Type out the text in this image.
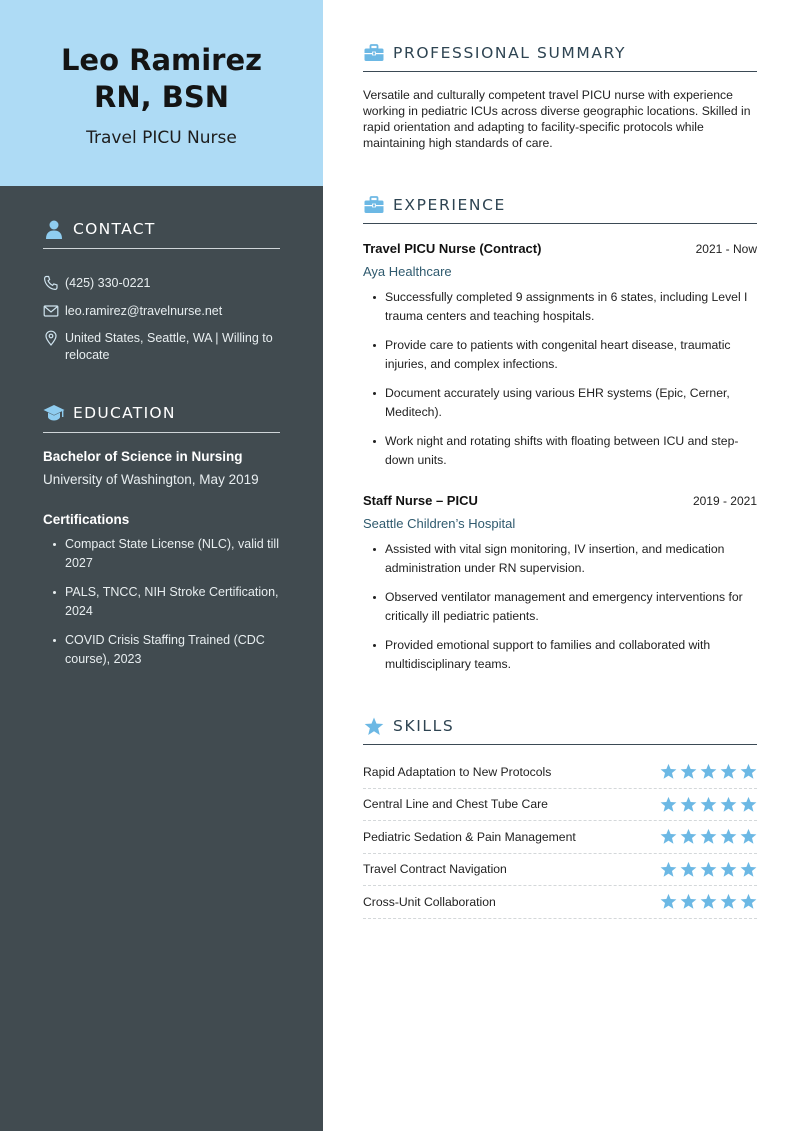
Leo Ramirez
RN, BSN
Travel PICU Nurse
CONTACT
(425) 330-0221
leo.ramirez@travelnurse.net
United States, Seattle, WA | Willing to relocate
EDUCATION
Bachelor of Science in Nursing
University of Washington, May 2019
Certifications
Compact State License (NLC), valid till 2027
PALS, TNCC, NIH Stroke Certification, 2024
COVID Crisis Staffing Trained (CDC course), 2023
PROFESSIONAL SUMMARY
Versatile and culturally competent travel PICU nurse with experience working in pediatric ICUs across diverse geographic locations. Skilled in rapid orientation and adapting to facility-specific protocols while maintaining high standards of care.
EXPERIENCE
Travel PICU Nurse (Contract)	2021 - Now
Aya Healthcare
Successfully completed 9 assignments in 6 states, including Level I trauma centers and teaching hospitals.
Provide care to patients with congenital heart disease, traumatic injuries, and complex infections.
Document accurately using various EHR systems (Epic, Cerner, Meditech).
Work night and rotating shifts with floating between ICU and step-down units.
Staff Nurse – PICU	2019 - 2021
Seattle Children’s Hospital
Assisted with vital sign monitoring, IV insertion, and medication administration under RN supervision.
Observed ventilator management and emergency interventions for critically ill pediatric patients.
Provided emotional support to families and collaborated with multidisciplinary teams.
SKILLS
Rapid Adaptation to New Protocols
Central Line and Chest Tube Care
Pediatric Sedation & Pain Management
Travel Contract Navigation
Cross-Unit Collaboration
